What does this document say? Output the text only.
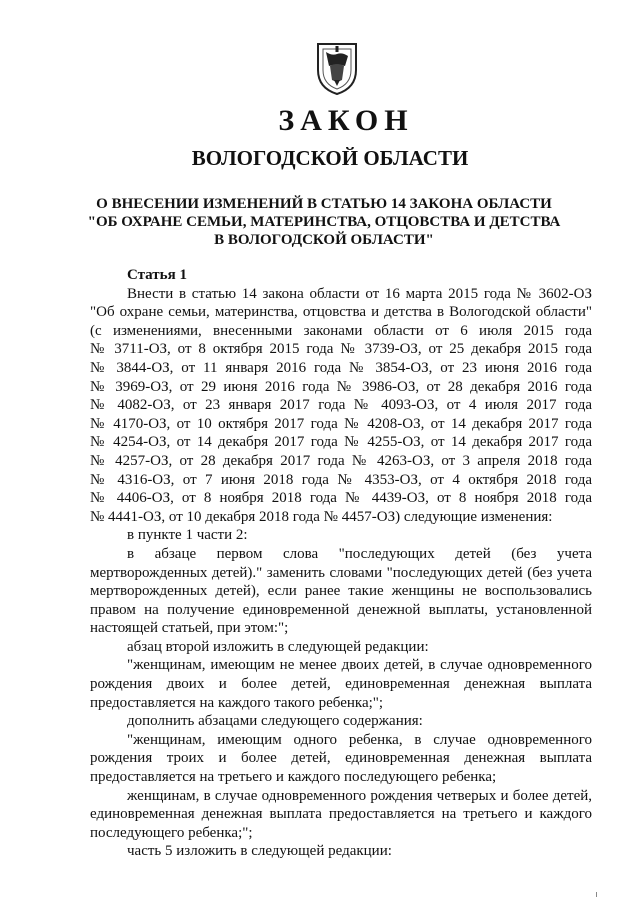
ЗАКОН
ВОЛОГОДСКОЙ ОБЛАСТИ
О ВНЕСЕНИИ ИЗМЕНЕНИЙ В СТАТЬЮ 14 ЗАКОНА ОБЛАСТИ
"ОБ ОХРАНЕ СЕМЬИ, МАТЕРИНСТВА, ОТЦОВСТВА И ДЕТСТВА
В ВОЛОГОДСКОЙ ОБЛАСТИ"
Статья 1
Внести в статью 14 закона области от 16 марта 2015 года № 3602-ОЗ
"Об охране семьи, материнства, отцовства и детства в Вологодской области"
(с изменениями, внесенными законами области от 6 июля 2015 года
№ 3711-ОЗ, от 8 октября 2015 года № 3739-ОЗ, от 25 декабря 2015 года
№ 3844-ОЗ, от 11 января 2016 года № 3854-ОЗ, от 23 июня 2016 года
№ 3969-ОЗ, от 29 июня 2016 года № 3986-ОЗ, от 28 декабря 2016 года
№ 4082-ОЗ, от 23 января 2017 года № 4093-ОЗ, от 4 июля 2017 года
№ 4170-ОЗ, от 10 октября 2017 года № 4208-ОЗ, от 14 декабря 2017 года
№ 4254-ОЗ, от 14 декабря 2017 года № 4255-ОЗ, от 14 декабря 2017 года
№ 4257-ОЗ, от 28 декабря 2017 года № 4263-ОЗ, от 3 апреля 2018 года
№ 4316-ОЗ, от 7 июня 2018 года № 4353-ОЗ, от 4 октября 2018 года
№ 4406-ОЗ, от 8 ноября 2018 года № 4439-ОЗ, от 8 ноября 2018 года
№ 4441-ОЗ, от 10 декабря 2018 года № 4457-ОЗ) следующие изменения:
в пункте 1 части 2:
в абзаце первом слова "последующих детей (без учета
мертворожденных детей)." заменить словами "последующих детей (без учета
мертворожденных детей), если ранее такие женщины не воспользовались
правом на получение единовременной денежной выплаты, установленной
настоящей статьей, при этом:";
абзац второй изложить в следующей редакции:
"женщинам, имеющим не менее двоих детей, в случае одновременного
рождения двоих и более детей, единовременная денежная выплата
предоставляется на каждого такого ребенка;";
дополнить абзацами следующего содержания:
"женщинам, имеющим одного ребенка, в случае одновременного
рождения троих и более детей, единовременная денежная выплата
предоставляется на третьего и каждого последующего ребенка;
женщинам, в случае одновременного рождения четверых и более детей,
единовременная денежная выплата предоставляется на третьего и каждого
последующего ребенка;";
часть 5 изложить в следующей редакции:
